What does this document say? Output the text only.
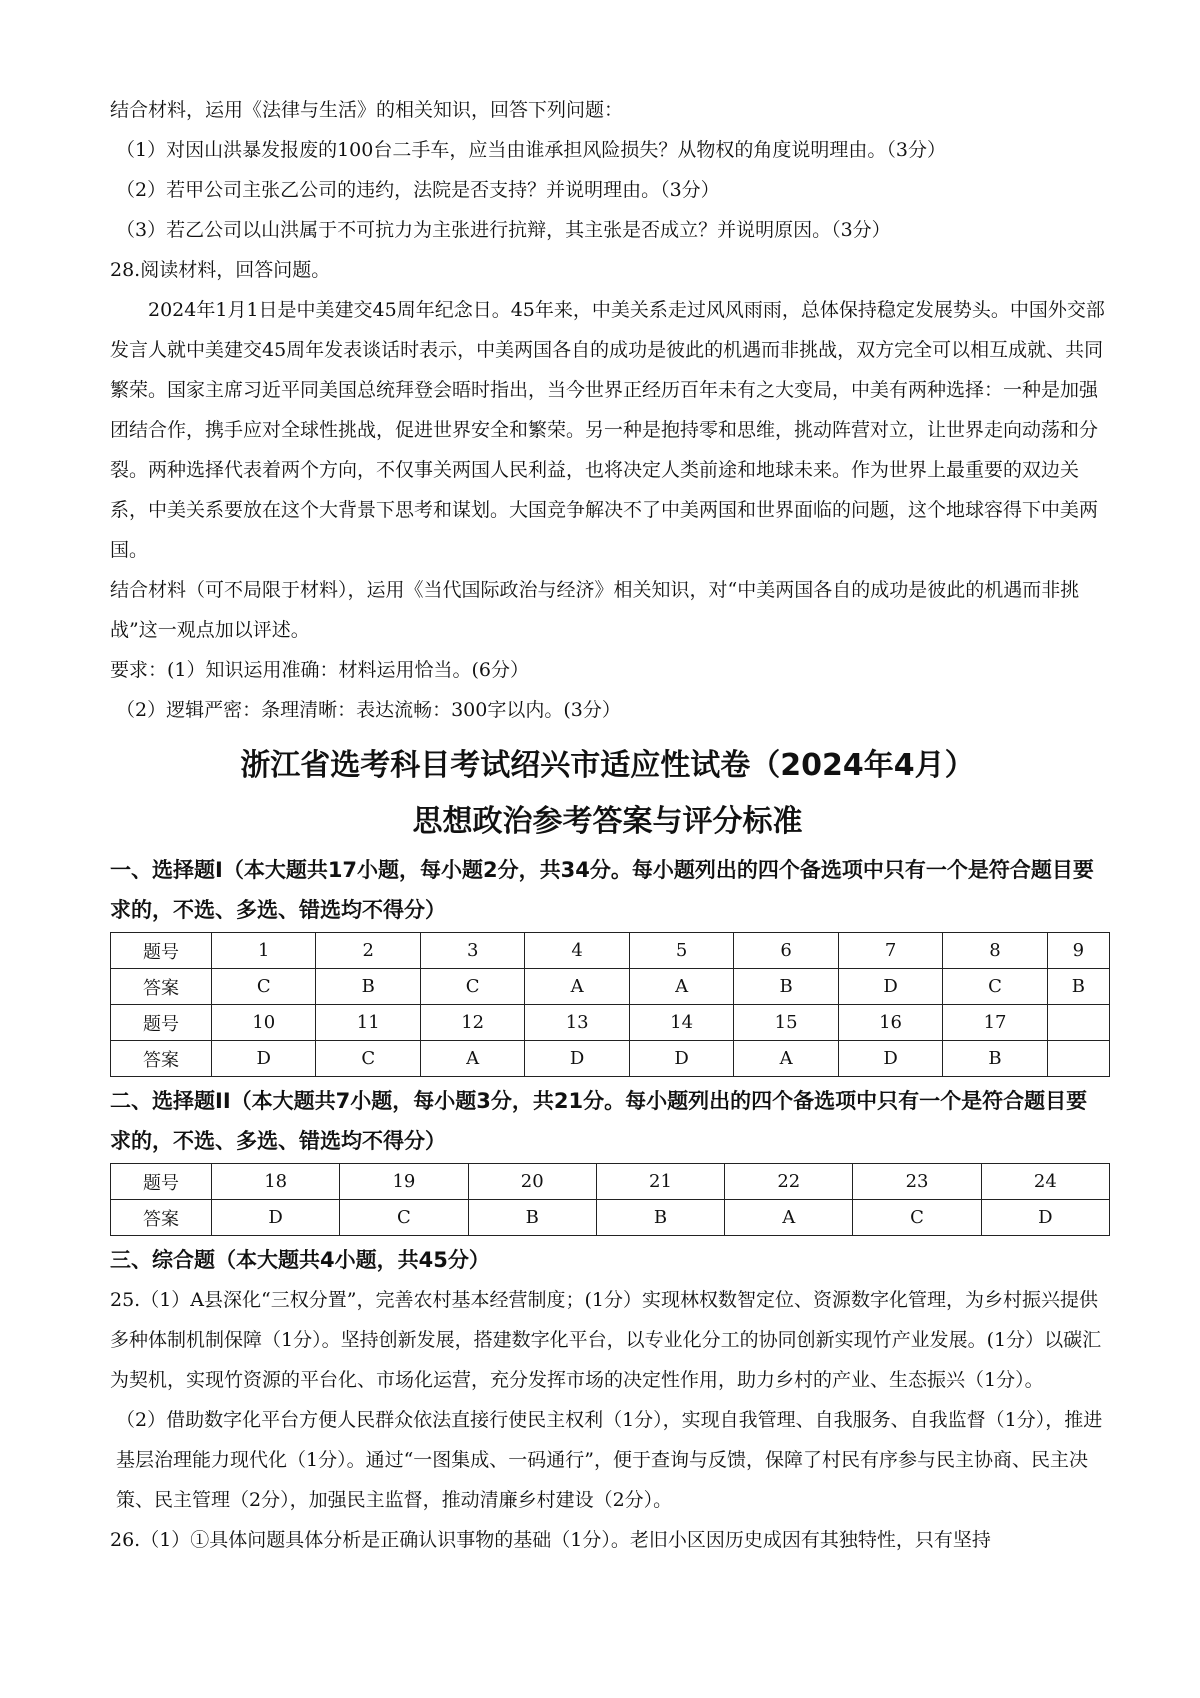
结合材料，运用《法律与生活》的相关知识，回答下列问题：
（1）对因山洪暴发报废的100台二手车，应当由谁承担风险损失？从物权的角度说明理由。（3分）
（2）若甲公司主张乙公司的违约，法院是否支持？并说明理由。（3分）
（3）若乙公司以山洪属于不可抗力为主张进行抗辩，其主张是否成立？并说明原因。（3分）
28.阅读材料，回答问题。
2024年1月1日是中美建交45周年纪念日。45年来，中美关系走过风风雨雨，总体保持稳定发展势头。中国外交部发言人就中美建交45周年发表谈话时表示，中美两国各自的成功是彼此的机遇而非挑战，双方完全可以相互成就、共同繁荣。国家主席习近平同美国总统拜登会晤时指出，当今世界正经历百年未有之大变局，中美有两种选择：一种是加强团结合作，携手应对全球性挑战，促进世界安全和繁荣。另一种是抱持零和思维，挑动阵营对立，让世界走向动荡和分裂。两种选择代表着两个方向，不仅事关两国人民利益，也将决定人类前途和地球未来。作为世界上最重要的双边关系，中美关系要放在这个大背景下思考和谋划。大国竞争解决不了中美两国和世界面临的问题，这个地球容得下中美两国。
结合材料（可不局限于材料），运用《当代国际政治与经济》相关知识，对“中美两国各自的成功是彼此的机遇而非挑战”这一观点加以评述。
要求：(1）知识运用准确：材料运用恰当。(6分）
（2）逻辑严密：条理清晰：表达流畅：300字以内。(3分）
浙江省选考科目考试绍兴市适应性试卷（2024年4月）
思想政治参考答案与评分标准
一、选择题Ⅰ（本大题共17小题，每小题2分，共34分。每小题列出的四个备选项中只有一个是符合题目要求的，不选、多选、错选均不得分）
题号	1	2	3	4	5	6	7	8	9
答案	C	B	C	A	A	B	D	C	B
题号	10	11	12	13	14	15	16	17	
答案	D	C	A	D	D	A	D	B	
二、选择题II（本大题共7小题，每小题3分，共21分。每小题列出的四个备选项中只有一个是符合题目要求的，不选、多选、错选均不得分）
题号	18	19	20	21	22	23	24
答案	D	C	B	B	A	C	D
三、综合题（本大题共4小题，共45分）
25.（1）A县深化“三权分置”，完善农村基本经营制度；(1分）实现林权数智定位、资源数字化管理，为乡村振兴提供多种体制机制保障（1分）。坚持创新发展，搭建数字化平台，以专业化分工的协同创新实现竹产业发展。(1分）以碳汇为契机，实现竹资源的平台化、市场化运营，充分发挥市场的决定性作用，助力乡村的产业、生态振兴（1分）。
（2）借助数字化平台方便人民群众依法直接行使民主权利（1分），实现自我管理、自我服务、自我监督（1分），推进基层治理能力现代化（1分）。通过“一图集成、一码通行”，便于查询与反馈，保障了村民有序参与民主协商、民主决策、民主管理（2分），加强民主监督，推动清廉乡村建设（2分）。
26.（1）①具体问题具体分析是正确认识事物的基础（1分）。老旧小区因历史成因有其独特性，只有坚持
